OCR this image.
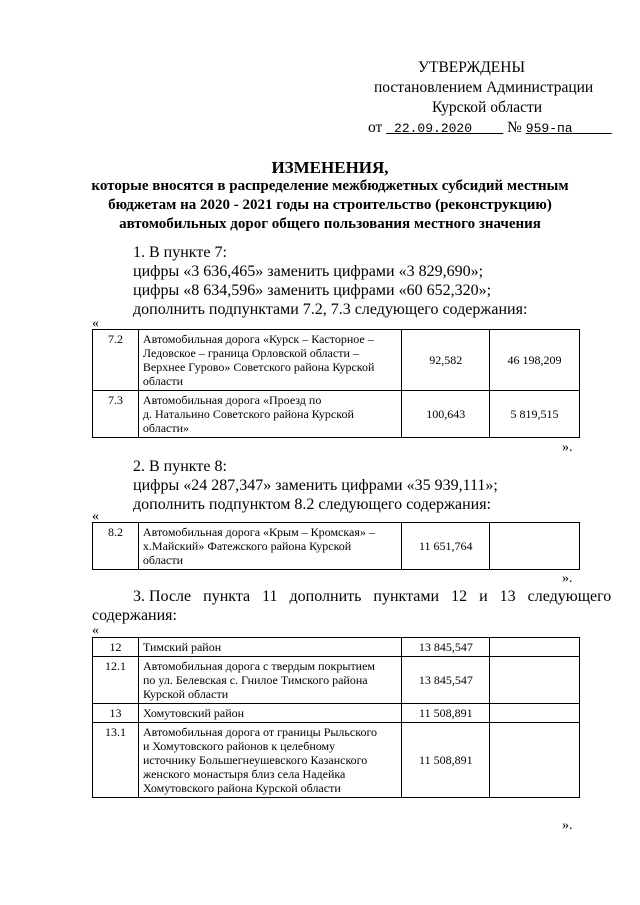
УТВЕРЖДЕНЫ
постановлением Администрации
Курской области
от 22.09.2020 № 959-па
ИЗМЕНЕНИЯ,
которые вносятся в распределение межбюджетных субсидий местным
бюджетам на 2020 - 2021 годы на строительство (реконструкцию)
автомобильных дорог общего пользования местного значения
1. В пункте 7:
цифры «3 636,465» заменить цифрами «3 829,690»;
цифры «8 634,596» заменить цифрами «60 652,320»;
дополнить подпунктами 7.2, 7.3 следующего содержания:
«
7.2	Автомобильная дорога «Курск – Касторное –
Ледовское – граница Орловской области –
Верхнее Гурово» Советского района Курской
области	92,582	46 198,209
7.3	Автомобильная дорога «Проезд по
д. Натальино Советского района Курской
области»	100,643	5 819,515
».
2. В пункте 8:
цифры «24 287,347» заменить цифрами «35 939,111»;
дополнить подпунктом 8.2 следующего содержания:
«
8.2	Автомобильная дорога «Крым – Кромская» –
х.Майский» Фатежского района Курской
области
	11 651,764	
».
3. После   пункта   11   дополнить   пунктами   12   и   13   следующего
содержания:
«
12	Тимский район	13 845,547	
12.1	Автомобильная дорога с твердым покрытием
по ул. Белевская с. Гнилое Тимского района
Курской области	13 845,547	
13	Хомутовский район	11 508,891	
13.1	Автомобильная дорога от границы Рыльского
и Хомутовского районов к целебному
источнику Большегнеушевского Казанского
женского монастыря близ села Надейка
Хомутовского района Курской области	11 508,891	
».
